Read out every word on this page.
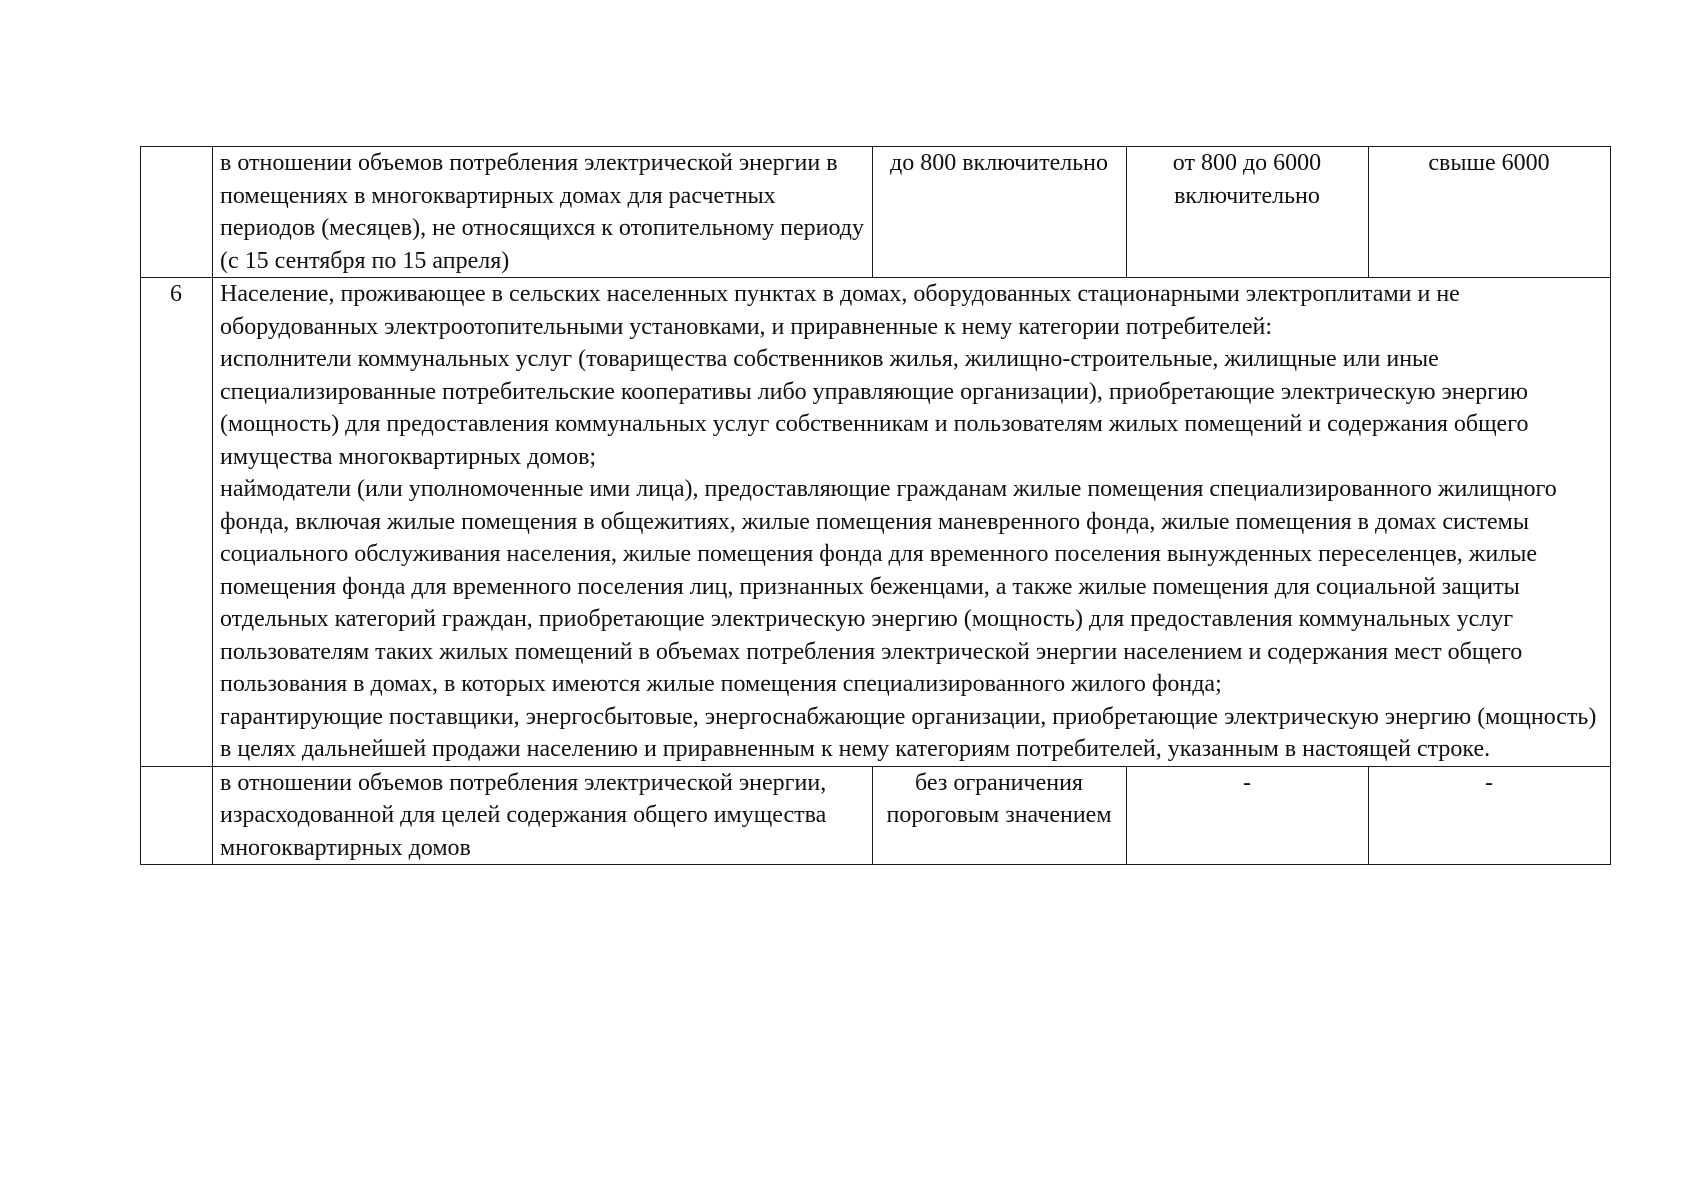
	в отношении объемов потребления электрической энергии в помещениях в многоквартирных домах для расчетных периодов (месяцев), не относящихся к отопительному периоду (с 15 сентября по 15 апреля)	до 800 включительно	от 800 до 6000 включительно	свыше 6000
6	Население, проживающее в сельских населенных пунктах в домах, оборудованных стационарными электроплитами и не оборудованных электроотопительными установками, и приравненные к нему категории потребителей:
исполнители коммунальных услуг (товарищества собственников жилья, жилищно-строительные, жилищные или иные специализированные потребительские кооперативы либо управляющие организации), приобретающие электрическую энергию (мощность) для предоставления коммунальных услуг собственникам и пользователям жилых помещений и содержания общего имущества многоквартирных домов;
наймодатели (или уполномоченные ими лица), предоставляющие гражданам жилые помещения специализированного жилищного фонда, включая жилые помещения в общежитиях, жилые помещения маневренного фонда, жилые помещения в домах системы социального обслуживания населения, жилые помещения фонда для временного поселения вынужденных переселенцев, жилые помещения фонда для временного поселения лиц, признанных беженцами, а также жилые помещения для социальной защиты отдельных категорий граждан, приобретающие электрическую энергию (мощность) для предоставления коммунальных услуг пользователям таких жилых помещений в объемах потребления электрической энергии населением и содержания мест общего пользования в домах, в которых имеются жилые помещения специализированного жилого фонда;
гарантирующие поставщики, энергосбытовые, энергоснабжающие организации, приобретающие электрическую энергию (мощность) в целях дальнейшей продажи населению и приравненным к нему категориям потребителей, указанным в настоящей строке.			

	в отношении объемов потребления электрической энергии, израсходованной для целей содержания общего имущества многоквартирных домов	без ограничения пороговым значением	-	-
